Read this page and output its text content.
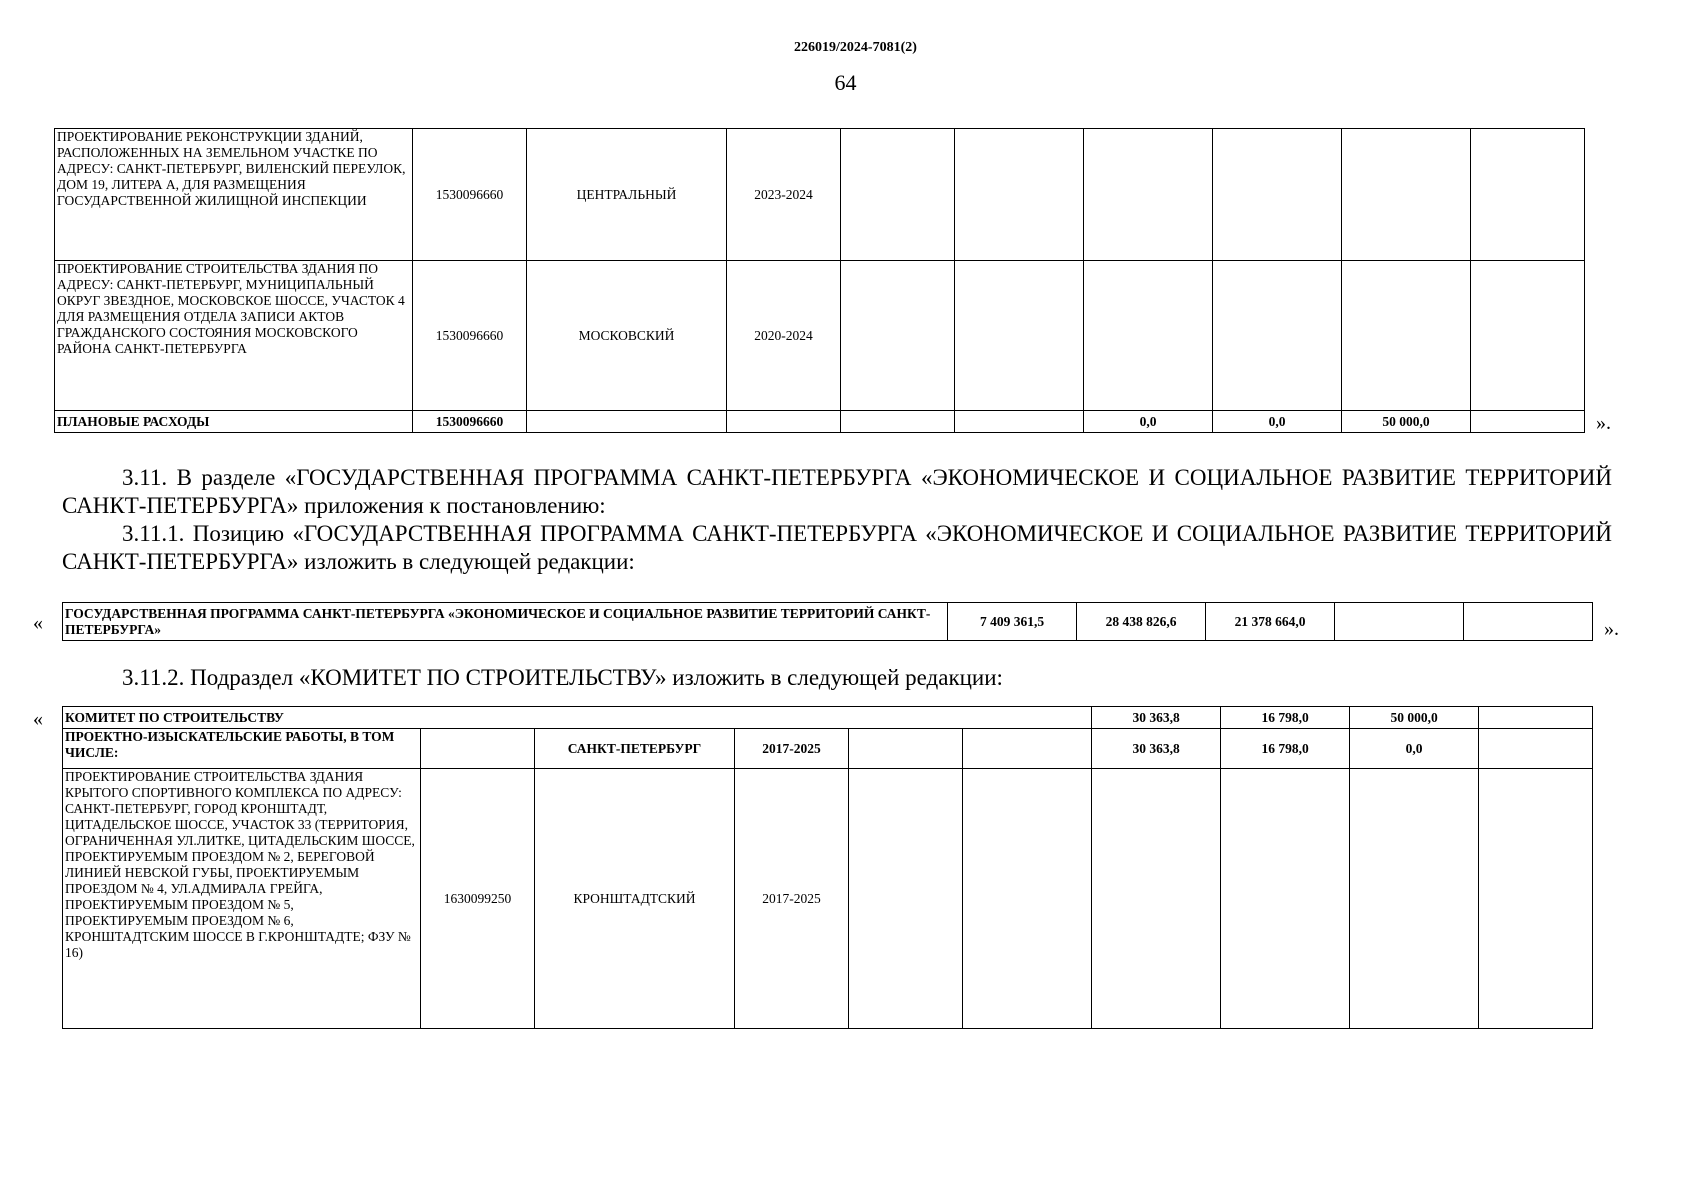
226019/2024-7081(2)
64
ПРОЕКТИРОВАНИЕ РЕКОНСТРУКЦИИ ЗДАНИЙ, РАСПОЛОЖЕННЫХ НА ЗЕМЕЛЬНОМ УЧАСТКЕ ПО АДРЕСУ: САНКТ-ПЕТЕРБУРГ, ВИЛЕНСКИЙ ПЕРЕУЛОК, ДОМ 19, ЛИТЕРА А, ДЛЯ РАЗМЕЩЕНИЯ ГОСУДАРСТВЕННОЙ ЖИЛИЩНОЙ ИНСПЕКЦИИ	1530096660	ЦЕНТРАЛЬНЫЙ	2023-2024						
ПРОЕКТИРОВАНИЕ СТРОИТЕЛЬСТВА ЗДАНИЯ ПО АДРЕСУ: САНКТ-ПЕТЕРБУРГ, МУНИЦИПАЛЬНЫЙ ОКРУГ ЗВЕЗДНОЕ, МОСКОВСКОЕ ШОССЕ, УЧАСТОК 4 ДЛЯ РАЗМЕЩЕНИЯ ОТДЕЛА ЗАПИСИ АКТОВ ГРАЖДАНСКОГО СОСТОЯНИЯ МОСКОВСКОГО РАЙОНА САНКТ-ПЕТЕРБУРГА	1530096660	МОСКОВСКИЙ	2020-2024						
ПЛАНОВЫЕ РАСХОДЫ	1530096660					0,0	0,0	50 000,0		».
3.11. В разделе «ГОСУДАРСТВЕННАЯ ПРОГРАММА САНКТ-ПЕТЕРБУРГА «ЭКОНОМИЧЕСКОЕ И СОЦИАЛЬНОЕ РАЗВИТИЕ ТЕРРИТОРИЙ САНКТ-ПЕТЕРБУРГА» приложения к постановлению:
3.11.1. Позицию «ГОСУДАРСТВЕННАЯ ПРОГРАММА САНКТ-ПЕТЕРБУРГА «ЭКОНОМИЧЕСКОЕ И СОЦИАЛЬНОЕ РАЗВИТИЕ ТЕРРИТОРИЙ САНКТ-ПЕТЕРБУРГА» изложить в следующей редакции:
« ГОСУДАРСТВЕННАЯ ПРОГРАММА САНКТ-ПЕТЕРБУРГА «ЭКОНОМИЧЕСКОЕ И СОЦИАЛЬНОЕ РАЗВИТИЕ ТЕРРИТОРИЙ САНКТ-ПЕТЕРБУРГА»	7 409 361,5	28 438 826,6	21 378 664,0			».
3.11.2. Подраздел «КОМИТЕТ ПО СТРОИТЕЛЬСТВУ» изложить в следующей редакции:
« КОМИТЕТ ПО СТРОИТЕЛЬСТВУ						30 363,8	16 798,0	50 000,0	
ПРОЕКТНО-ИЗЫСКАТЕЛЬСКИЕ РАБОТЫ, В ТОМ ЧИСЛЕ:		САНКТ-ПЕТЕРБУРГ	2017-2025			30 363,8	16 798,0	0,0	
ПРОЕКТИРОВАНИЕ СТРОИТЕЛЬСТВА ЗДАНИЯ КРЫТОГО СПОРТИВНОГО КОМПЛЕКСА ПО АДРЕСУ: САНКТ-ПЕТЕРБУРГ, ГОРОД КРОНШТАДТ, ЦИТАДЕЛЬСКОЕ ШОССЕ, УЧАСТОК 33 (ТЕРРИТОРИЯ, ОГРАНИЧЕННАЯ УЛ.ЛИТКЕ, ЦИТАДЕЛЬСКИМ ШОССЕ, ПРОЕКТИРУЕМЫМ ПРОЕЗДОМ № 2, БЕРЕГОВОЙ ЛИНИЕЙ НЕВСКОЙ ГУБЫ, ПРОЕКТИРУЕМЫМ ПРОЕЗДОМ № 4, УЛ.АДМИРАЛА ГРЕЙГА, ПРОЕКТИРУЕМЫМ ПРОЕЗДОМ № 5, ПРОЕКТИРУЕМЫМ ПРОЕЗДОМ № 6, КРОНШТАДТСКИМ ШОССЕ В Г.КРОНШТАДТЕ; ФЗУ № 16)	1630099250	КРОНШТАДТСКИЙ	2017-2025						
